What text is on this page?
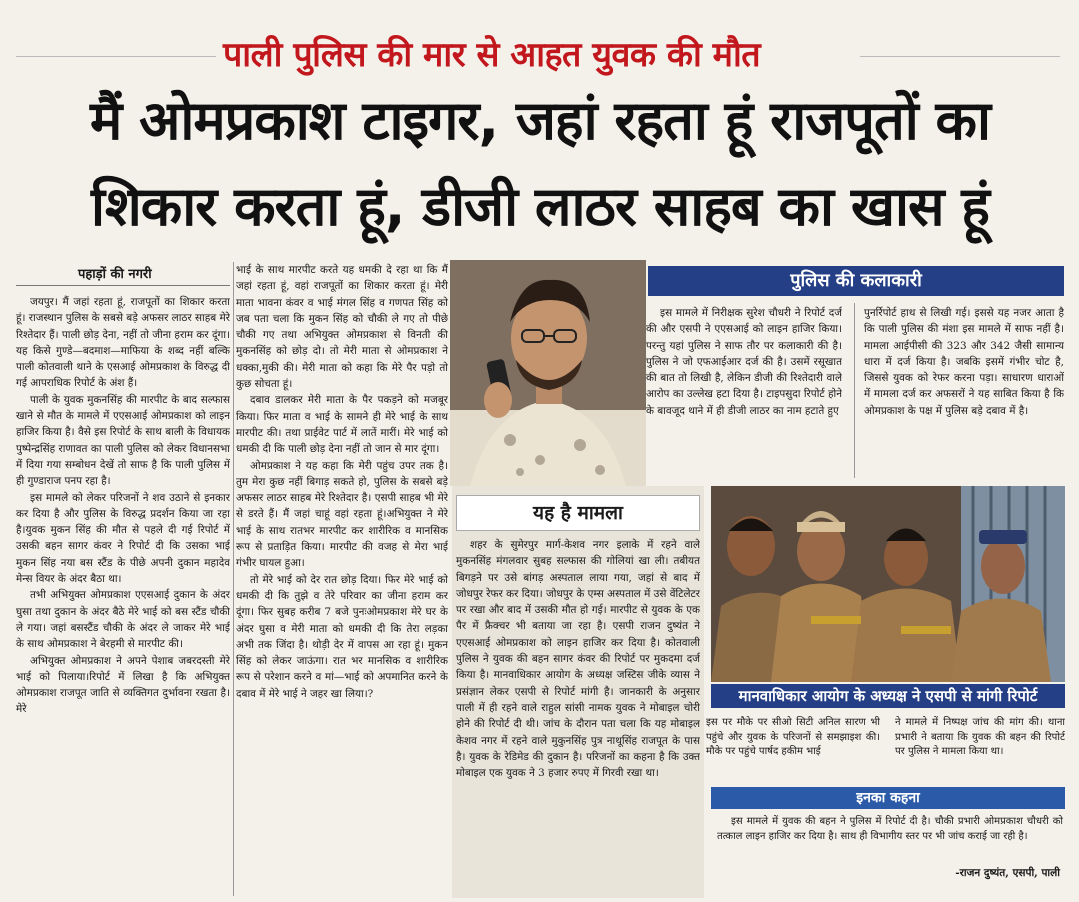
पाली पुलिस की मार से आहत युवक की मौत
मैं ओमप्रकाश टाइगर, जहां रहता हूं राजपूतों का
शिकार करता हूं, डीजी लाठर साहब का खास हूं
पहाड़ों की नगरी

जयपुर। मैं जहां रहता हूं, राजपूतों का शिकार करता हूं। राजस्थान पुलिस के सबसे बड़े अफसर लाठर साहब मेरे रिश्तेदार हैं। पाली छोड़ देना, नहीं तो जीना हराम कर दूंगा। यह किसे गुण्डे—बदमाश—माफिया के शब्द नहीं बल्कि पाली कोतवाली थाने के एसआई ओमप्रकाश के विरुद्ध दी गई आपराधिक रिपोर्ट के अंश हैं।

पाली के युवक मुकनसिंह की मारपीट के बाद सल्फास खाने से मौत के मामले में एएसआई ओमप्रकाश को लाइन हाजिर किया है। वैसे इस रिपोर्ट के साथ बाली के विधायक पुष्पेन्द्रसिंह राणावत का पाली पुलिस को लेकर विधानसभा में दिया गया सम्बोधन देखें तो साफ है कि पाली पुलिस में ही गुण्डाराज पनप रहा है।

इस मामले को लेकर परिजनों ने शव उठाने से इनकार कर दिया है और पुलिस के विरुद्ध प्रदर्शन किया जा रहा है।युवक मुकन सिंह की मौत से पहले दी गई रिपोर्ट में उसकी बहन सागर कंवर ने रिपोर्ट दी कि उसका भाई मुकन सिंह नया बस स्टैंड के पीछे अपनी दुकान महादेव मेन्स वियर के अंदर बैठा था।

तभी अभियुक्त ओमप्रकाश एएसआई दुकान के अंदर घुसा तथा दुकान के अंदर बैठे मेरे भाई को बस स्टैंड चौकी ले गया। जहां बसस्टैंड चौकी के अंदर ले जाकर मेरे भाई के साथ ओमप्रकाश ने बेरहमी से मारपीट की।

अभियुक्त ओमप्रकाश ने अपने पेशाब जबरदस्ती मेरे भाई को पिलाया।रिपोर्ट में लिखा है कि अभियुक्त ओमप्रकाश राजपूत जाति से व्यक्तिगत दुर्भावना रखता है। मेरे

भाई के साथ मारपीट करते यह धमकी दे रहा था कि मैं जहां रहता हूं, वहां राजपूतों का शिकार करता हूं। मेरी माता भावना कंवर व भाई मंगल सिंह व गणपत सिंह को जब पता चला कि मुकन सिंह को चौकी ले गए तो पीछे चौकी गए तथा अभियुक्त ओमप्रकाश से विनती की मुकनसिंह को छोड़ दो। तो मेरी माता से ओमप्रकाश ने धक्का,मुकी की। मेरी माता को कहा कि मेरे पैर पड़ो तो कुछ सोचता हूं।

दबाव डालकर मेरी माता के पैर पकड़ने को मजबूर किया। फिर माता व भाई के सामने ही मेरे भाई के साथ मारपीट की। तथा प्राईवेट पार्ट में लातें मारीं। मेरे भाई को धमकी दी कि पाली छोड़ देना नहीं तो जान से मार दूंगा।

ओमप्रकाश ने यह कहा कि मेरी पहुंच उपर तक है। तुम मेरा कुछ नहीं बिगाड़ सकते हो, पुलिस के सबसे बड़े अफसर लाठर साहब मेरे रिश्तेदार है। एसपी साहब भी मेरे से डरते हैं। मैं जहां चाहूं वहां रहता हूं।अभियुक्त ने मेरे भाई के साथ रातभर मारपीट कर शारीरिक व मानसिक रूप से प्रताड़ित किया। मारपीट की वजह से मेरा भाई गंभीर घायल हुआ।

तो मेरे भाई को देर रात छोड़ दिया। फिर मेरे भाई को धमकी दी कि तुझे व तेरे परिवार का जीना हराम कर दूंगा। फिर सुबह करीब 7 बजे पुनःओमप्रकाश मेरे घर के अंदर घुसा व मेरी माता को धमकी दी कि तेरा लड़का अभी तक जिंदा है। थोड़ी देर में वापस आ रहा हूं। मुकन सिंह को लेकर जाऊंगा। रात भर मानसिक व शारीरिक रूप से परेशान करने व मां—भाई को अपमानित करने के दबाव में मेरे भाई ने जहर खा लिया।?

पुलिस की कलाकारी

इस मामले में निरीक्षक सुरेश चौधरी ने रिपोर्ट दर्ज की और एसपी ने एएसआई को लाइन हाजिर किया। परन्तु यहां पुलिस ने साफ तौर पर कलाकारी की है। पुलिस ने जो एफआईआर दर्ज की है। उसमें रसूखात की बात तो लिखी है, लेकिन डीजी की रिश्तेदारी वाले आरोप का उल्लेख हटा दिया है। टाइपसुदा रिपोर्ट होने के बावजूद थाने में ही डीजी लाठर का नाम हटाते हुए

पुनर्रिपोर्ट हाथ से लिखी गई। इससे यह नजर आता है कि पाली पुलिस की मंशा इस मामले में साफ नहीं है। मामला आईपीसी की 323 और 342 जैसी सामान्य धारा में दर्ज किया है। जबकि इसमें गंभीर चोट है, जिससे युवक को रेफर करना पड़ा। साधारण धाराओं में मामला दर्ज कर अफसरों ने यह साबित किया है कि ओमप्रकाश के पक्ष में पुलिस बड़े दबाव में है।

यह है मामला

शहर के सुमेरपुर मार्ग-केशव नगर इलाके में रहने वाले मुकनसिंह मंगलवार सुबह सल्फास की गोलियां खा ली। तबीयत बिगड़ने पर उसे बांगड़ अस्पताल लाया गया, जहां से बाद में जोधपुर रेफर कर दिया। जोधपुर के एम्स अस्पताल में उसे वेंटिलेटर पर रखा और बाद में उसकी मौत हो गई। मारपीट से युवक के एक पैर में फ्रैक्चर भी बताया जा रहा है। एसपी राजन दुष्यंत ने एएसआई ओमप्रकाश को लाइन हाजिर कर दिया है। कोतवाली पुलिस ने युवक की बहन सागर कंवर की रिपोर्ट पर मुकदमा दर्ज किया है। मानवाधिकार आयोग के अध्यक्ष जस्टिस जीके व्यास ने प्रसंज्ञान लेकर एसपी से रिपोर्ट मांगी है। जानकारी के अनुसार पाली में ही रहने वाले राहुल सांसी नामक युवक ने मोबाइल चोरी होने की रिपोर्ट दी थी। जांच के दौरान पता चला कि यह मोबाइल केशव नगर में रहने वाले मुकुनसिंह पुत्र नाथूसिंह राजपूत के पास है। युवक के रेडिमेड की दुकान है। परिजनों का कहना है कि उक्त मोबाइल एक युवक ने 3 हजार रुपए में गिरवी रखा था।

मानवाधिकार आयोग के अध्यक्ष ने एसपी से मांगी रिपोर्ट

इस पर मौके पर सीओ सिटी अनिल सारण भी पहुंचे और युवक के परिजनों से समझाइश की। मौके पर पहुंचे पार्षद हकीम भाई

ने मामले में निष्पक्ष जांच की मांग की। थाना प्रभारी ने बताया कि युवक की बहन की रिपोर्ट पर पुलिस ने मामला किया था।

इनका कहना

इस मामले में युवक की बहन ने पुलिस में रिपोर्ट दी है। चौकी प्रभारी ओमप्रकाश चौधरी को तत्काल लाइन हाजिर कर दिया है। साथ ही विभागीय स्तर पर भी जांच कराई जा रही है।

-राजन दुष्यंत, एसपी, पाली
